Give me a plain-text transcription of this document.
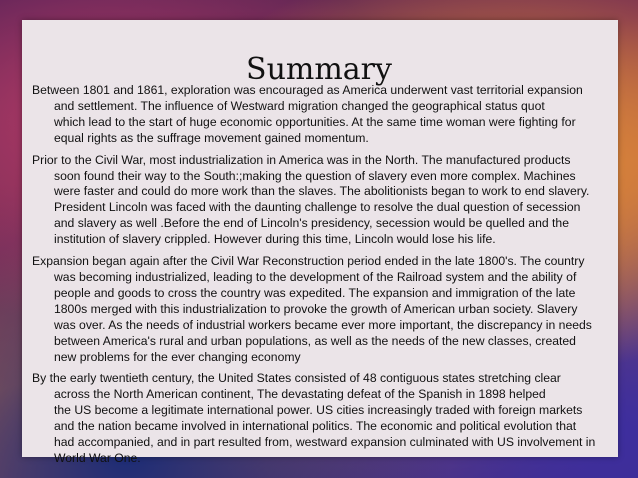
Summary

Between 1801 and 1861, exploration was encouraged as America underwent vast territorial expansion
and settlement. The influence of Westward migration changed the geographical status quot
which lead to the start of huge economic opportunities. At the same time woman were fighting for
equal rights as the suffrage movement gained momentum.

Prior to the Civil War, most industrialization in America was in the North. The manufactured products
soon found their way to the South:;making the question of slavery even more complex. Machines
were faster and could do more work than the slaves. The abolitionists began to work to end slavery.
President Lincoln was faced with the daunting challenge to resolve the dual question of secession
and slavery as well .Before the end of Lincoln's presidency, secession would be quelled and the
institution of slavery crippled. However during this time, Lincoln would lose his life.

Expansion began again after the Civil War Reconstruction period ended in the late 1800's. The country
was becoming industrialized, leading to the development of the Railroad system and the ability of
people and goods to cross the country was expedited. The expansion and immigration of the late
1800s merged with this industrialization to provoke the growth of American urban society. Slavery
was over. As the needs of industrial workers became ever more important, the discrepancy in needs
between America's rural and urban populations, as well as the needs of the new classes, created
new problems for the ever changing economy

By the early twentieth century, the United States consisted of 48 contiguous states stretching clear
across the North American continent, The devastating defeat of the Spanish in 1898 helped
the US become a legitimate international power. US cities increasingly traded with foreign markets
and the nation became involved in international politics. The economic and political evolution that
had accompanied, and in part resulted from, westward expansion culminated with US involvement in
World War One.
